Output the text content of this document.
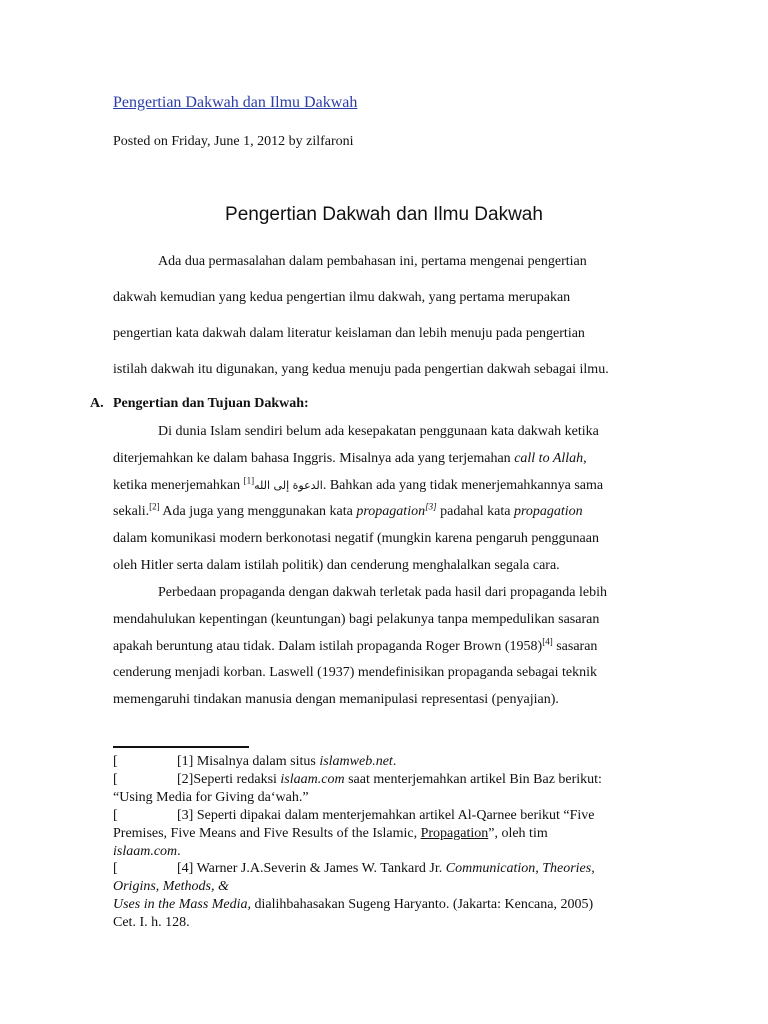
Pengertian Dakwah dan Ilmu Dakwah

Posted on Friday, June 1, 2012 by zilfaroni

Pengertian Dakwah dan Ilmu Dakwah
Ada dua permasalahan dalam pembahasan ini, pertama mengenai pengertian
dakwah kemudian yang kedua pengertian ilmu dakwah, yang pertama merupakan
pengertian kata dakwah dalam literatur keislaman dan lebih menuju pada pengertian
istilah dakwah itu digunakan, yang kedua menuju pada pengertian dakwah sebagai ilmu.
A. Pengertian dan Tujuan Dakwah:
Di dunia Islam sendiri belum ada kesepakatan penggunaan kata dakwah ketika
diterjemahkan ke dalam bahasa Inggris. Misalnya ada yang terjemahan call to Allah,
ketika menerjemahkan [1]الدعوة إلى الله. Bahkan ada yang tidak menerjemahkannya sama
sekali.[2] Ada juga yang menggunakan kata propagation[3] padahal kata propagation
dalam komunikasi modern berkonotasi negatif (mungkin karena pengaruh penggunaan
oleh Hitler serta dalam istilah politik) dan cenderung menghalalkan segala cara.
Perbedaan propaganda dengan dakwah terletak pada hasil dari propaganda lebih
mendahulukan kepentingan (keuntungan) bagi pelakunya tanpa mempedulikan sasaran
apakah beruntung atau tidak. Dalam istilah propaganda Roger Brown (1958)[4] sasaran
cenderung menjadi korban. Laswell (1937) mendefinisikan propaganda sebagai teknik
memengaruhi tindakan manusia dengan memanipulasi representasi (penyajian).
[	[1] Misalnya dalam situs islamweb.net.
[	[2]Seperti redaksi islaam.com saat menterjemahkan artikel Bin Baz berikut:
“Using Media for Giving da‘wah.”
[	[3] Seperti dipakai dalam menterjemahkan artikel Al-Qarnee berikut “Five
Premises, Five Means and Five Results of the Islamic, Propagation”, oleh tim
islaam.com.
[	[4] Warner J.A.Severin & James W. Tankard Jr. Communication, Theories,
Origins, Methods, &
Uses in the Mass Media, dialihbahasakan Sugeng Haryanto. (Jakarta: Kencana, 2005)
Cet. I. h. 128.
